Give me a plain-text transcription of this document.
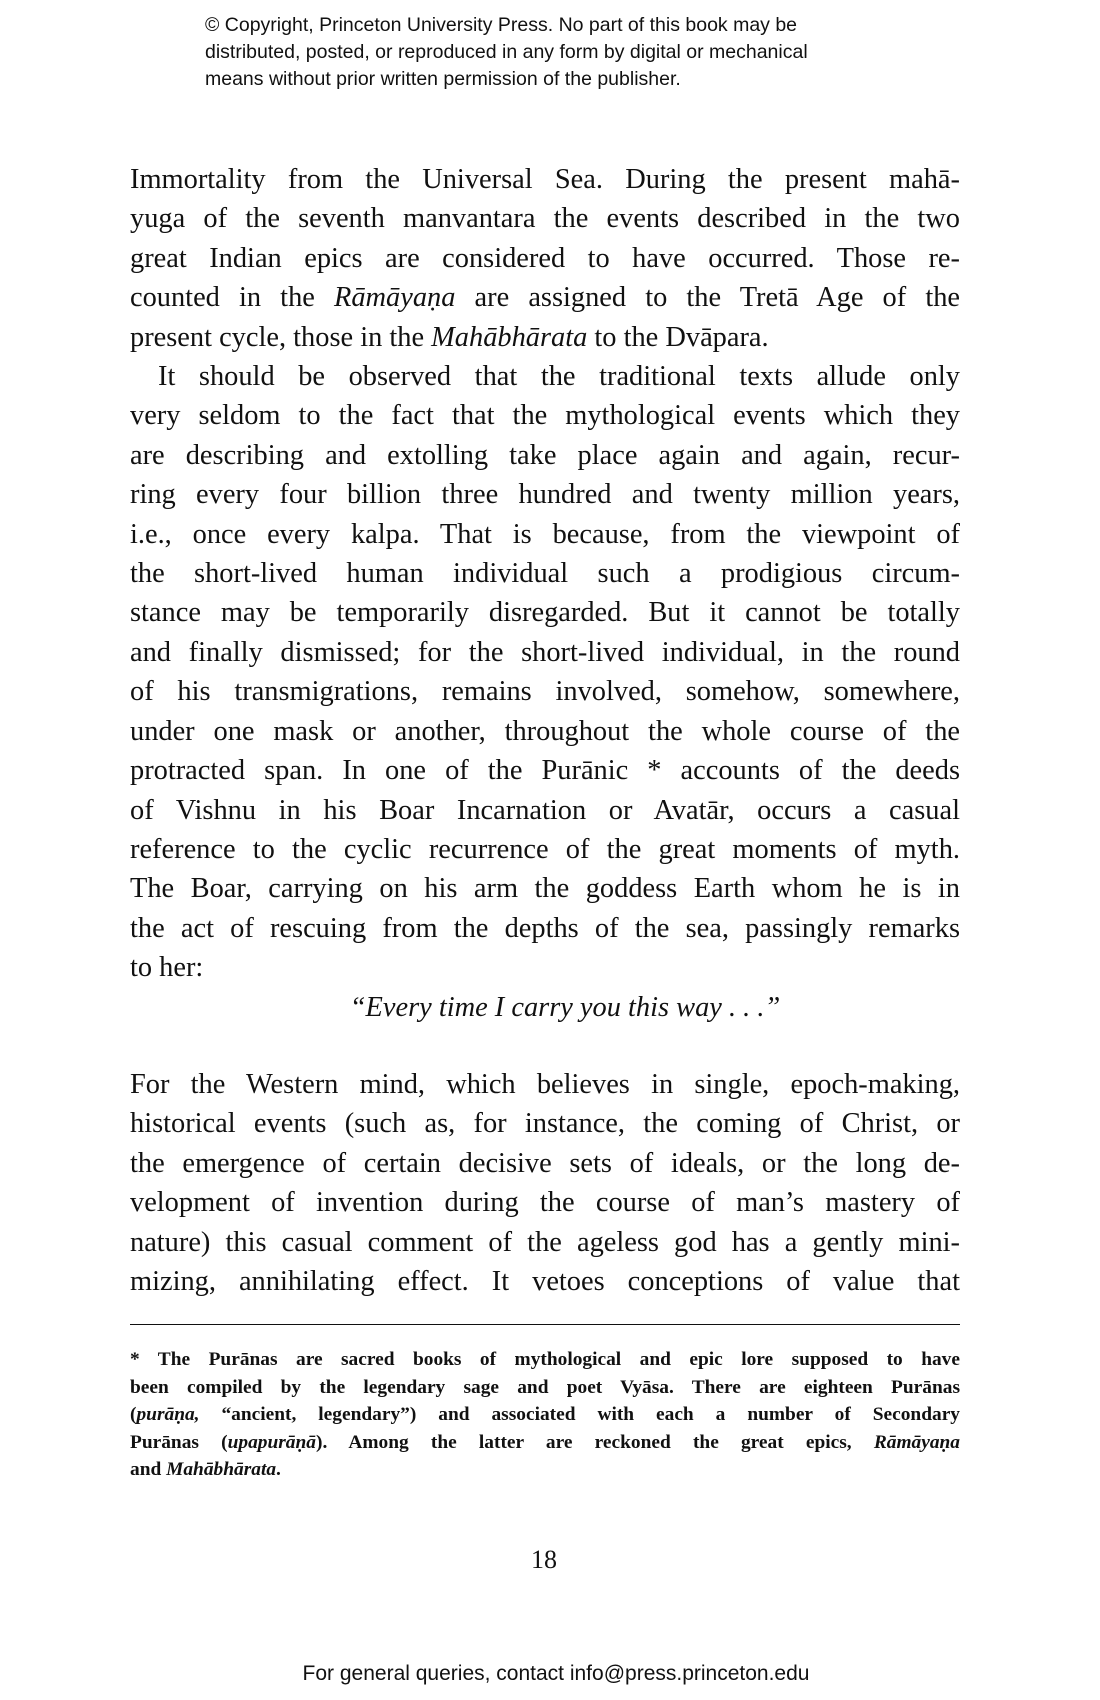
© Copyright, Princeton University Press. No part of this book may be
distributed, posted, or reproduced in any form by digital or mechanical
means without prior written permission of the publisher.
Immortality from the Universal Sea. During the present mahā-
yuga of the seventh manvantara the events described in the two
great Indian epics are considered to have occurred. Those re-
counted in the Rāmāyaṇa are assigned to the Tretā Age of the
present cycle, those in the Mahābhārata to the Dvāpara.
It should be observed that the traditional texts allude only
very seldom to the fact that the mythological events which they
are describing and extolling take place again and again, recur-
ring every four billion three hundred and twenty million years,
i.e., once every kalpa. That is because, from the viewpoint of
the short-lived human individual such a prodigious circum-
stance may be temporarily disregarded. But it cannot be totally
and finally dismissed; for the short-lived individual, in the round
of his transmigrations, remains involved, somehow, somewhere,
under one mask or another, throughout the whole course of the
protracted span. In one of the Purānic * accounts of the deeds
of Vishnu in his Boar Incarnation or Avatār, occurs a casual
reference to the cyclic recurrence of the great moments of myth.
The Boar, carrying on his arm the goddess Earth whom he is in
the act of rescuing from the depths of the sea, passingly remarks
to her:
“Every time I carry you this way . . .”
For the Western mind, which believes in single, epoch-making,
historical events (such as, for instance, the coming of Christ, or
the emergence of certain decisive sets of ideals, or the long de-
velopment of invention during the course of man’s mastery of
nature) this casual comment of the ageless god has a gently mini-
mizing, annihilating effect. It vetoes conceptions of value that
* The Purānas are sacred books of mythological and epic lore supposed to have
been compiled by the legendary sage and poet Vyāsa. There are eighteen Purānas
(purāṇa, “ancient, legendary”) and associated with each a number of Secondary
Purānas (upapurāṇā). Among the latter are reckoned the great epics, Rāmāyaṇa
and Mahābhārata.
18
For general queries, contact info@press.princeton.edu
